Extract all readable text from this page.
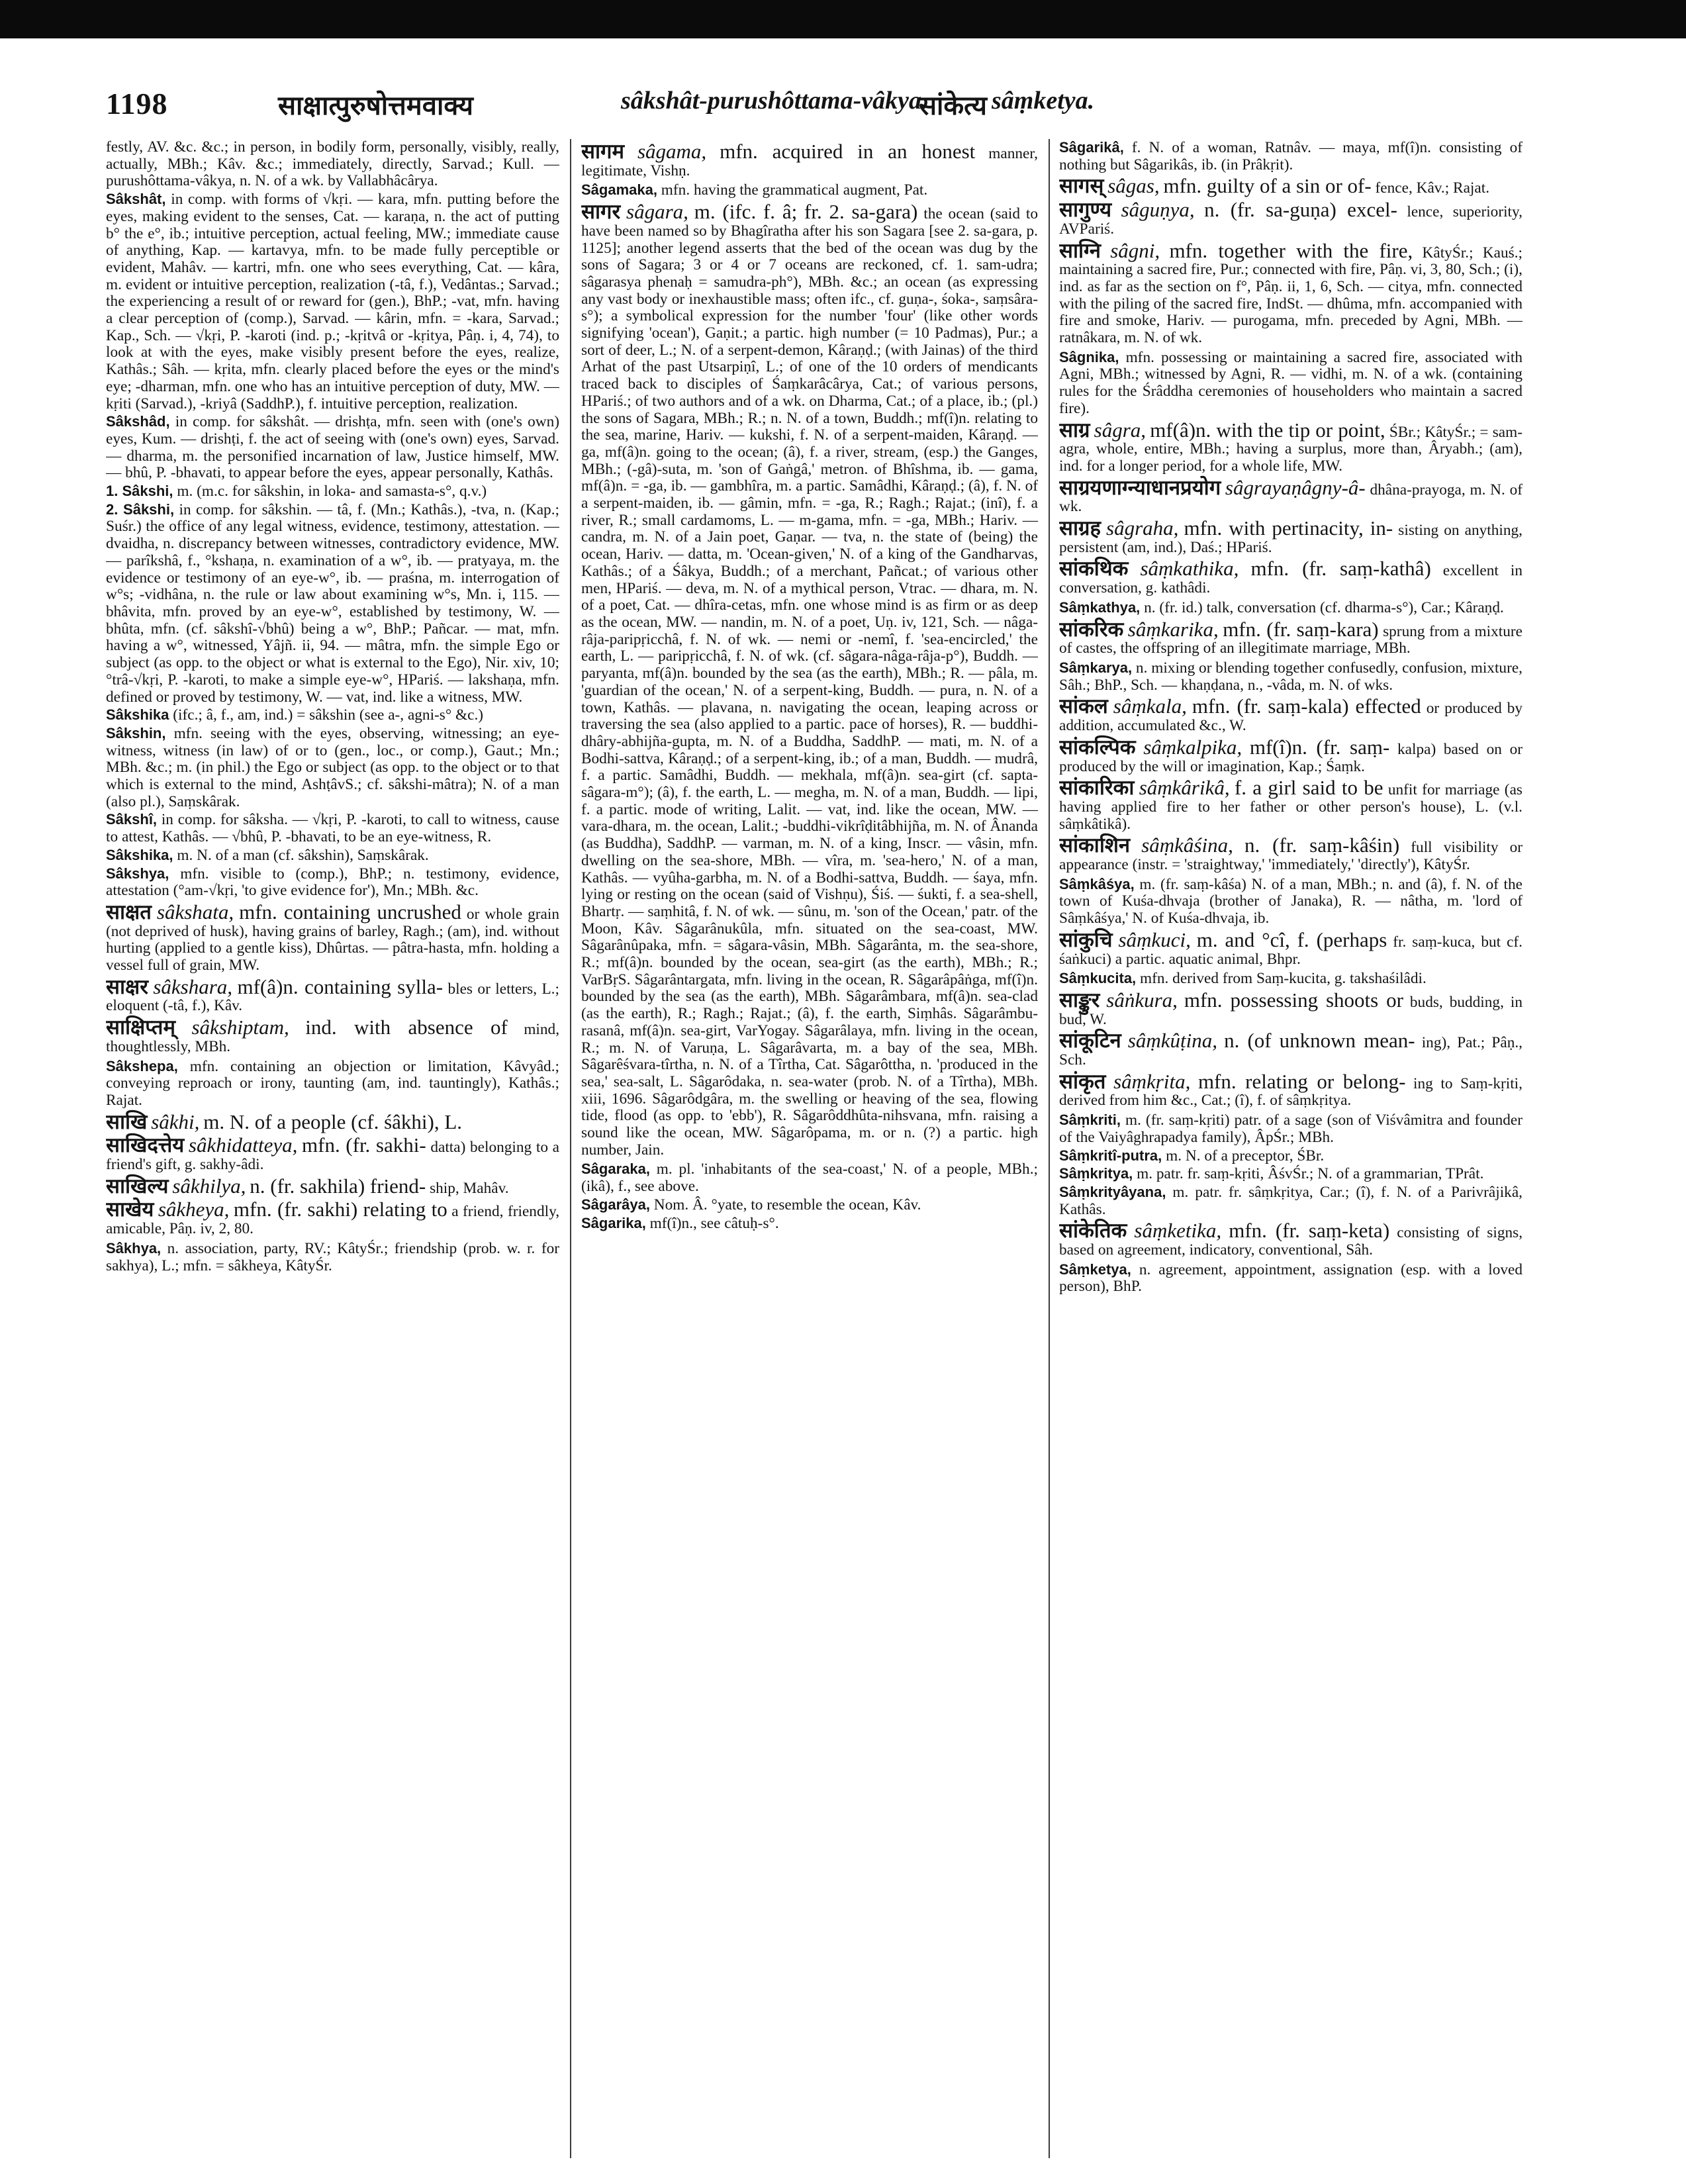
1198	साक्षात्पुरुषोत्तमवाक्य	sâkshât-purushôttama-vâkya.
सांकेत्य sâṃketya.

festly, AV. &c. &c.; in person, in bodily form, personally, visibly, really, actually, MBh.; Kâv. &c.; immediately, directly, Sarvad.; Kull. — purushôttama-vâkya, n. N. of a wk. by Vallabhâcârya.

Sâkshât, in comp. with forms of √kṛi. — kara, mfn. putting before the eyes, making evident to the senses, Cat. — karaṇa, n. the act of putting b° the e°, ib.; intuitive perception, actual feeling, MW.; immediate cause of anything, Kap. — kartavya, mfn. to be made fully perceptible or evident, Mahâv. — kartri, mfn. one who sees everything, Cat. — kâra, m. evident or intuitive perception, realization (-tâ, f.), Vedântas.; Sarvad.; the experiencing a result of or reward for (gen.), BhP.; -vat, mfn. having a clear perception of (comp.), Sarvad. — kârin, mfn. = -kara, Sarvad.; Kap., Sch. — √kṛi, P. -karoti (ind. p.; -kṛitvâ or -kṛitya, Pâṇ. i, 4, 74), to look at with the eyes, make visibly present before the eyes, realize, Kathâs.; Sâh. — kṛita, mfn. clearly placed before the eyes or the mind's eye; -dharman, mfn. one who has an intuitive perception of duty, MW. — kṛiti (Sarvad.), -kriyâ (SaddhP.), f. intuitive perception, realization.

Sâkshâd, in comp. for sâkshât. — drishṭa, mfn. seen with (one's own) eyes, Kum. — drishṭi, f. the act of seeing with (one's own) eyes, Sarvad. — dharma, m. the personified incarnation of law, Justice himself, MW. — bhû, P. -bhavati, to appear before the eyes, appear personally, Kathâs.

1. Sâkshi, m. (m.c. for sâkshin, in loka- and samasta-s°, q.v.)

2. Sâkshi, in comp. for sâkshin. — tâ, f. (Mn.; Kathâs.), -tva, n. (Kap.; Suśr.) the office of any legal witness, evidence, testimony, attestation. — dvaidha, n. discrepancy between witnesses, contradictory evidence, MW. — parîkshâ, f., °kshaṇa, n. examination of a w°, ib. — pratyaya, m. the evidence or testimony of an eye-w°, ib. — praśna, m. interrogation of w°s; -vidhâna, n. the rule or law about examining w°s, Mn. i, 115. — bhâvita, mfn. proved by an eye-w°, established by testimony, W. — bhûta, mfn. (cf. sâkshî-√bhû) being a w°, BhP.; Pañcar. — mat, mfn. having a w°, witnessed, Yâjñ. ii, 94. — mâtra, mfn. the simple Ego or subject (as opp. to the object or what is external to the Ego), Nir. xiv, 10; °trâ-√kṛi, P. -karoti, to make a simple eye-w°, HPariś. — lakshaṇa, mfn. defined or proved by testimony, W. — vat, ind. like a witness, MW.

Sâkshika (ifc.; â, f., am, ind.) = sâkshin (see a-, agni-s° &c.)

Sâkshin, mfn. seeing with the eyes, observing, witnessing; an eye-witness, witness (in law) of or to (gen., loc., or comp.), Gaut.; Mn.; MBh. &c.; m. (in phil.) the Ego or subject (as opp. to the object or to that which is external to the mind, AshṭâvS.; cf. sâkshi-mâtra); N. of a man (also pl.), Saṃskârak.

Sâkshî, in comp. for sâksha. — √kṛi, P. -karoti, to call to witness, cause to attest, Kathâs. — √bhû, P. -bhavati, to be an eye-witness, R.

Sâkshika, m. N. of a man (cf. sâkshin), Saṃskârak.

Sâkshya, mfn. visible to (comp.), BhP.; n. testimony, evidence, attestation (°am-√kṛi, 'to give evidence for'), Mn.; MBh. &c.

साक्षत sâkshata, mfn. containing uncrushed or whole grain (not deprived of husk), having grains of barley, Ragh.; (am), ind. without hurting (applied to a gentle kiss), Dhûrtas. — pâtra-hasta, mfn. holding a vessel full of grain, MW.

साक्षर sâkshara, mf(â)n. containing sylla- bles or letters, L.; eloquent (-tâ, f.), Kâv.

साक्षिप्तम् sâkshiptam, ind. with absence of mind, thoughtlessly, MBh.

Sâkshepa, mfn. containing an objection or limitation, Kâvyâd.; conveying reproach or irony, taunting (am, ind. tauntingly), Kathâs.; Rajat.

साखि sâkhi, m. N. of a people (cf. śâkhi), L.

साखिदत्तेय sâkhidatteya, mfn. (fr. sakhi- datta) belonging to a friend's gift, g. sakhy-âdi.

साखिल्य sâkhilya, n. (fr. sakhila) friend- ship, Mahâv.

साखेय sâkheya, mfn. (fr. sakhi) relating to a friend, friendly, amicable, Pâṇ. iv, 2, 80.

Sâkhya, n. association, party, RV.; KâtyŚr.; friendship (prob. w. r. for sakhya), L.; mfn. = sâkheya, KâtyŚr.

सागम sâgama, mfn. acquired in an honest manner, legitimate, Vishṇ.

Sâgamaka, mfn. having the grammatical augment, Pat.

सागर sâgara, m. (ifc. f. â; fr. 2. sa-gara) the ocean (said to have been named so by Bhagîratha after his son Sagara [see 2. sa-gara, p. 1125]; another legend asserts that the bed of the ocean was dug by the sons of Sagara; 3 or 4 or 7 oceans are reckoned, cf. 1. sam-udra; sâgarasya phenaḥ = samudra-ph°), MBh. &c.; an ocean (as expressing any vast body or inexhaustible mass; often ifc., cf. guṇa-, śoka-, saṃsâra-s°); a symbolical expression for the number 'four' (like other words signifying 'ocean'), Gaṇit.; a partic. high number (= 10 Padmas), Pur.; a sort of deer, L.; N. of a serpent-demon, Kâraṇḍ.; (with Jainas) of the third Arhat of the past Utsarpiṇî, L.; of one of the 10 orders of mendicants traced back to disciples of Śaṃkarâcârya, Cat.; of various persons, HPariś.; of two authors and of a wk. on Dharma, Cat.; of a place, ib.; (pl.) the sons of Sagara, MBh.; R.; n. N. of a town, Buddh.; mf(î)n. relating to the sea, marine, Hariv. — kukshi, f. N. of a serpent-maiden, Kâraṇḍ. — ga, mf(â)n. going to the ocean; (â), f. a river, stream, (esp.) the Ganges, MBh.; (-gâ)-suta, m. 'son of Gaṅgâ,' metron. of Bhîshma, ib. — gama, mf(â)n. = -ga, ib. — gambhîra, m. a partic. Samâdhi, Kâraṇḍ.; (â), f. N. of a serpent-maiden, ib. — gâmin, mfn. = -ga, R.; Ragh.; Rajat.; (inî), f. a river, R.; small cardamoms, L. — m-gama, mfn. = -ga, MBh.; Hariv. — candra, m. N. of a Jain poet, Gaṇar. — tva, n. the state of (being) the ocean, Hariv. — datta, m. 'Ocean-given,' N. of a king of the Gandharvas, Kathâs.; of a Śâkya, Buddh.; of a merchant, Pañcat.; of various other men, HPariś. — deva, m. N. of a mythical person, Vtrac. — dhara, m. N. of a poet, Cat. — dhîra-cetas, mfn. one whose mind is as firm or as deep as the ocean, MW. — nandin, m. N. of a poet, Uṇ. iv, 121, Sch. — nâga-râja-paripṛicchâ, f. N. of wk. — nemi or -nemî, f. 'sea-encircled,' the earth, L. — paripṛicchâ, f. N. of wk. (cf. sâgara-nâga-râja-p°), Buddh. — paryanta, mf(â)n. bounded by the sea (as the earth), MBh.; R. — pâla, m. 'guardian of the ocean,' N. of a serpent-king, Buddh. — pura, n. N. of a town, Kathâs. — plavana, n. navigating the ocean, leaping across or traversing the sea (also applied to a partic. pace of horses), R. — buddhi-dhâry-abhijña-gupta, m. N. of a Buddha, SaddhP. — mati, m. N. of a Bodhi-sattva, Kâraṇḍ.; of a serpent-king, ib.; of a man, Buddh. — mudrâ, f. a partic. Samâdhi, Buddh. — mekhala, mf(â)n. sea-girt (cf. sapta-sâgara-m°); (â), f. the earth, L. — megha, m. N. of a man, Buddh. — lipi, f. a partic. mode of writing, Lalit. — vat, ind. like the ocean, MW. — vara-dhara, m. the ocean, Lalit.; -buddhi-vikrîḍitâbhijña, m. N. of Ânanda (as Buddha), SaddhP. — varman, m. N. of a king, Inscr. — vâsin, mfn. dwelling on the sea-shore, MBh. — vîra, m. 'sea-hero,' N. of a man, Kathâs. — vyûha-garbha, m. N. of a Bodhi-sattva, Buddh. — śaya, mfn. lying or resting on the ocean (said of Vishṇu), Śiś. — śukti, f. a sea-shell, Bhartṛ. — saṃhitâ, f. N. of wk. — sûnu, m. 'son of the Ocean,' patr. of the Moon, Kâv. Sâgarânukûla, mfn. situated on the sea-coast, MW. Sâgarânûpaka, mfn. = sâgara-vâsin, MBh. Sâgarânta, m. the sea-shore, R.; mf(â)n. bounded by the ocean, sea-girt (as the earth), MBh.; R.; VarBṛS. Sâgarântargata, mfn. living in the ocean, R. Sâgarâpâṅga, mf(î)n. bounded by the sea (as the earth), MBh. Sâgarâmbara, mf(â)n. sea-clad (as the earth), R.; Ragh.; Rajat.; (â), f. the earth, Siṃhâs. Sâgarâmbu-rasanâ, mf(â)n. sea-girt, VarYogay. Sâgarâlaya, mfn. living in the ocean, R.; m. N. of Varuṇa, L. Sâgarâvarta, m. a bay of the sea, MBh. Sâgarêśvara-tîrtha, n. N. of a Tîrtha, Cat. Sâgarôttha, n. 'produced in the sea,' sea-salt, L. Sâgarôdaka, n. sea-water (prob. N. of a Tîrtha), MBh. xiii, 1696. Sâgarôdgâra, m. the swelling or heaving of the sea, flowing tide, flood (as opp. to 'ebb'), R. Sâgarôddhûta-nihsvana, mfn. raising a sound like the ocean, MW. Sâgarôpama, m. or n. (?) a partic. high number, Jain.

Sâgaraka, m. pl. 'inhabitants of the sea-coast,' N. of a people, MBh.; (ikâ), f., see above.

Sâgarâya, Nom. Â. °yate, to resemble the ocean, Kâv.

Sâgarika, mf(î)n., see câtuḥ-s°.

Sâgarikâ, f. N. of a woman, Ratnâv. — maya, mf(î)n. consisting of nothing but Sâgarikâs, ib. (in Prâkṛit).

सागस् sâgas, mfn. guilty of a sin or of- fence, Kâv.; Rajat.

सागुण्य sâguṇya, n. (fr. sa-guṇa) excel- lence, superiority, AVPariś.

साग्नि sâgni, mfn. together with the fire, KâtyŚr.; Kauś.; maintaining a sacred fire, Pur.; connected with fire, Pâṇ. vi, 3, 80, Sch.; (i), ind. as far as the section on f°, Pâṇ. ii, 1, 6, Sch. — citya, mfn. connected with the piling of the sacred fire, IndSt. — dhûma, mfn. accompanied with fire and smoke, Hariv. — purogama, mfn. preceded by Agni, MBh. — ratnâkara, m. N. of wk.

Sâgnika, mfn. possessing or maintaining a sacred fire, associated with Agni, MBh.; witnessed by Agni, R. — vidhi, m. N. of a wk. (containing rules for the Śrâddha ceremonies of householders who maintain a sacred fire).

साग्र sâgra, mf(â)n. with the tip or point, ŚBr.; KâtyŚr.; = sam-agra, whole, entire, MBh.; having a surplus, more than, Âryabh.; (am), ind. for a longer period, for a whole life, MW.

साग्रयणाग्न्याधानप्रयोग sâgrayaṇâgny-â- dhâna-prayoga, m. N. of wk.

साग्रह sâgraha, mfn. with pertinacity, in- sisting on anything, persistent (am, ind.), Daś.; HPariś.

सांकथिक sâṃkathika, mfn. (fr. saṃ-kathâ) excellent in conversation, g. kathâdi.

Sâṃkathya, n. (fr. id.) talk, conversation (cf. dharma-s°), Car.; Kâraṇḍ.

सांकरिक sâṃkarika, mfn. (fr. saṃ-kara) sprung from a mixture of castes, the offspring of an illegitimate marriage, MBh.

Sâṃkarya, n. mixing or blending together confusedly, confusion, mixture, Sâh.; BhP., Sch. — khaṇḍana, n., -vâda, m. N. of wks.

सांकल sâṃkala, mfn. (fr. saṃ-kala) effected or produced by addition, accumulated &c., W.

सांकल्पिक sâṃkalpika, mf(î)n. (fr. saṃ- kalpa) based on or produced by the will or imagination, Kap.; Śaṃk.

सांकारिका sâṃkârikâ, f. a girl said to be unfit for marriage (as having applied fire to her father or other person's house), L. (v.l. sâṃkâtikâ).

सांकाशिन sâṃkâśina, n. (fr. saṃ-kâśin) full visibility or appearance (instr. = 'straightway,' 'immediately,' 'directly'), KâtyŚr.

Sâṃkâśya, m. (fr. saṃ-kâśa) N. of a man, MBh.; n. and (â), f. N. of the town of Kuśa-dhvaja (brother of Janaka), R. — nâtha, m. 'lord of Sâṃkâśya,' N. of Kuśa-dhvaja, ib.

सांकुचि sâṃkuci, m. and °cî, f. (perhaps fr. saṃ-kuca, but cf. śaṅkuci) a partic. aquatic animal, Bhpr.

Sâṃkucita, mfn. derived from Saṃ-kucita, g. takshaśilâdi.

साङ्कुर sâṅkura, mfn. possessing shoots or buds, budding, in bud, W.

सांकूटिन sâṃkûṭina, n. (of unknown mean- ing), Pat.; Pâṇ., Sch.

सांकृत sâṃkṛita, mfn. relating or belong- ing to Saṃ-kṛiti, derived from him &c., Cat.; (î), f. of sâṃkṛitya.

Sâṃkriti, m. (fr. saṃ-kṛiti) patr. of a sage (son of Viśvâmitra and founder of the Vaiyâghrapadya family), ÂpŚr.; MBh.

Sâṃkritî-putra, m. N. of a preceptor, ŚBr.

Sâṃkritya, m. patr. fr. saṃ-kṛiti, ÂśvŚr.; N. of a grammarian, TPrât.

Sâṃkrityâyana, m. patr. fr. sâṃkṛitya, Car.; (î), f. N. of a Parivrâjikâ, Kathâs.

सांकेतिक sâṃketika, mfn. (fr. saṃ-keta) consisting of signs, based on agreement, indicatory, conventional, Sâh.

Sâṃketya, n. agreement, appointment, assignation (esp. with a loved person), BhP.
